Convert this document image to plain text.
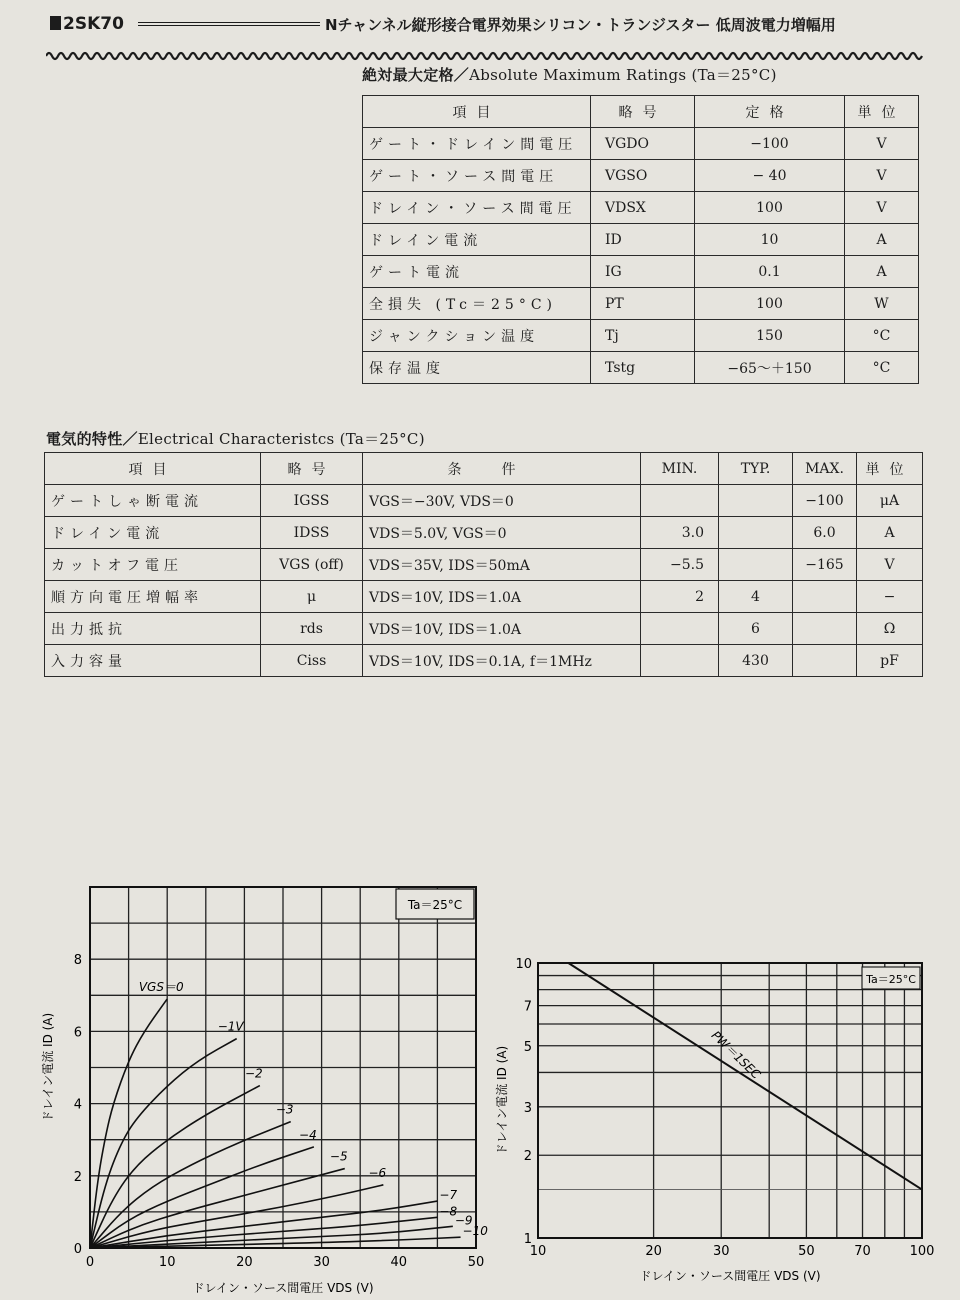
2SK70	Nチャンネル縦形接合電界効果シリコン・トランジスター 低周波電力増幅用
絶対最大定格／Absolute Maximum Ratings (Ta＝25°C)
項目	略号	定格	単位
ゲート・ドレイン間電圧	VGDO	−100	V
ゲート・ソース間電圧	VGSO	− 40	V
ドレイン・ソース間電圧	VDSX	100	V
ドレイン電流	ID	10	A
ゲート電流	IG	0.1	A
全損失 (Tc＝25°C)	PT	100	W
ジャンクション温度	Tj	150	°C
保存温度	Tstg	−65～＋150	°C
電気的特性／Electrical Characteristcs (Ta＝25°C)
項目	略号	条件	MIN.	TYP.	MAX.	単位
ゲートしゃ断電流	IGSS	VGS＝−30V, VDS＝0			−100	μA
ドレイン電流	IDSS	VDS＝5.0V, VGS＝0	3.0		6.0	A
カットオフ電圧	VGS (off)	VDS＝35V, IDS＝50mA	−5.5		−165	V
順方向電圧増幅率	μ	VDS＝10V, IDS＝1.0A	2	4		−
出力抵抗	rds	VDS＝10V, IDS＝1.0A		6		Ω
入力容量	Ciss	VDS＝10V, IDS＝0.1A, f＝1MHz		430		pF
Ta＝25°C
0	10	20	30	40	50
0
2
4
6
8
ドレイン・ソース間電圧 VDS (V)
ドレイン電流 ID (A)
VGS＝0
−1V
−2
−3
−4
−5
−6
−7
−8
−9
−10
Ta＝25°C
10	20	30	50	70	100
1
2
3
5
7
10
ドレイン・ソース間電圧 VDS (V)
ドレイン電流 ID (A)	PW＝1SEC
